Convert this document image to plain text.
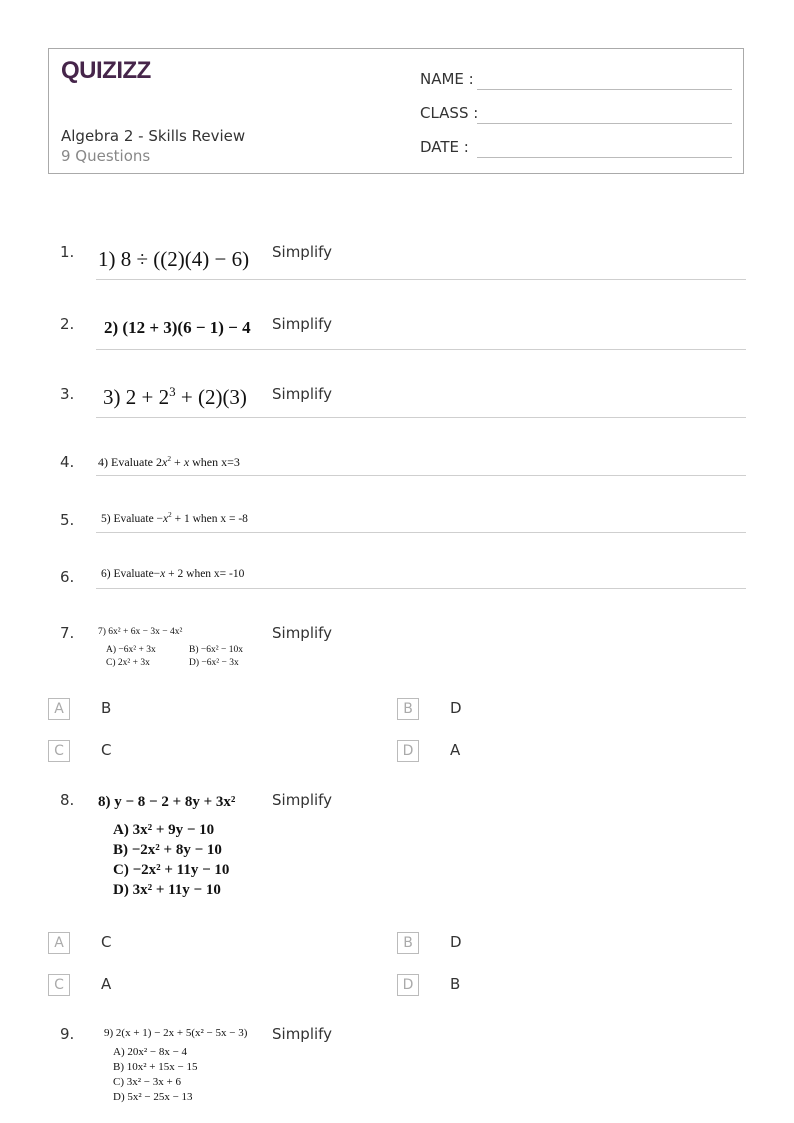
QUIZIZZ
Algebra 2 - Skills Review
9 Questions
NAME :
CLASS :
DATE :
1. 1) 8 ÷ ((2)(4) − 6) Simplify
2. 2) (12 + 3)(6 − 1) − 4 Simplify
3. 3) $2 + 2^3 + (2)(3)$ Simplify
4. 4) Evaluate $2x^2 + x$ when x=3
5. 5) Evaluate $-x^2 + 1$ when x = -8
6. 6) Evaluate−x + 2 when x= -10
7. 7) 6x² + 6x − 3x − 4x²
A) −6x² + 3x	B) −6x² − 10x
C) 2x² + 3x	D) −6x² − 3x
Simplify
A	B	B	D
C	C	D	A
8. 8) y − 8 − 2 + 8y + 3x²
A) 3x² + 9y − 10
B) −2x² + 8y − 10
C) −2x² + 11y − 10
D) 3x² + 11y − 10
Simplify
A	C	B	D
C	A	D	B
9.	9) 2(x + 1) − 2x + 5(x² − 5x − 3)
A) 20x² − 8x − 4
B) 10x² + 15x − 15
C) 3x² − 3x + 6
D) 5x² − 25x − 13
Simplify
